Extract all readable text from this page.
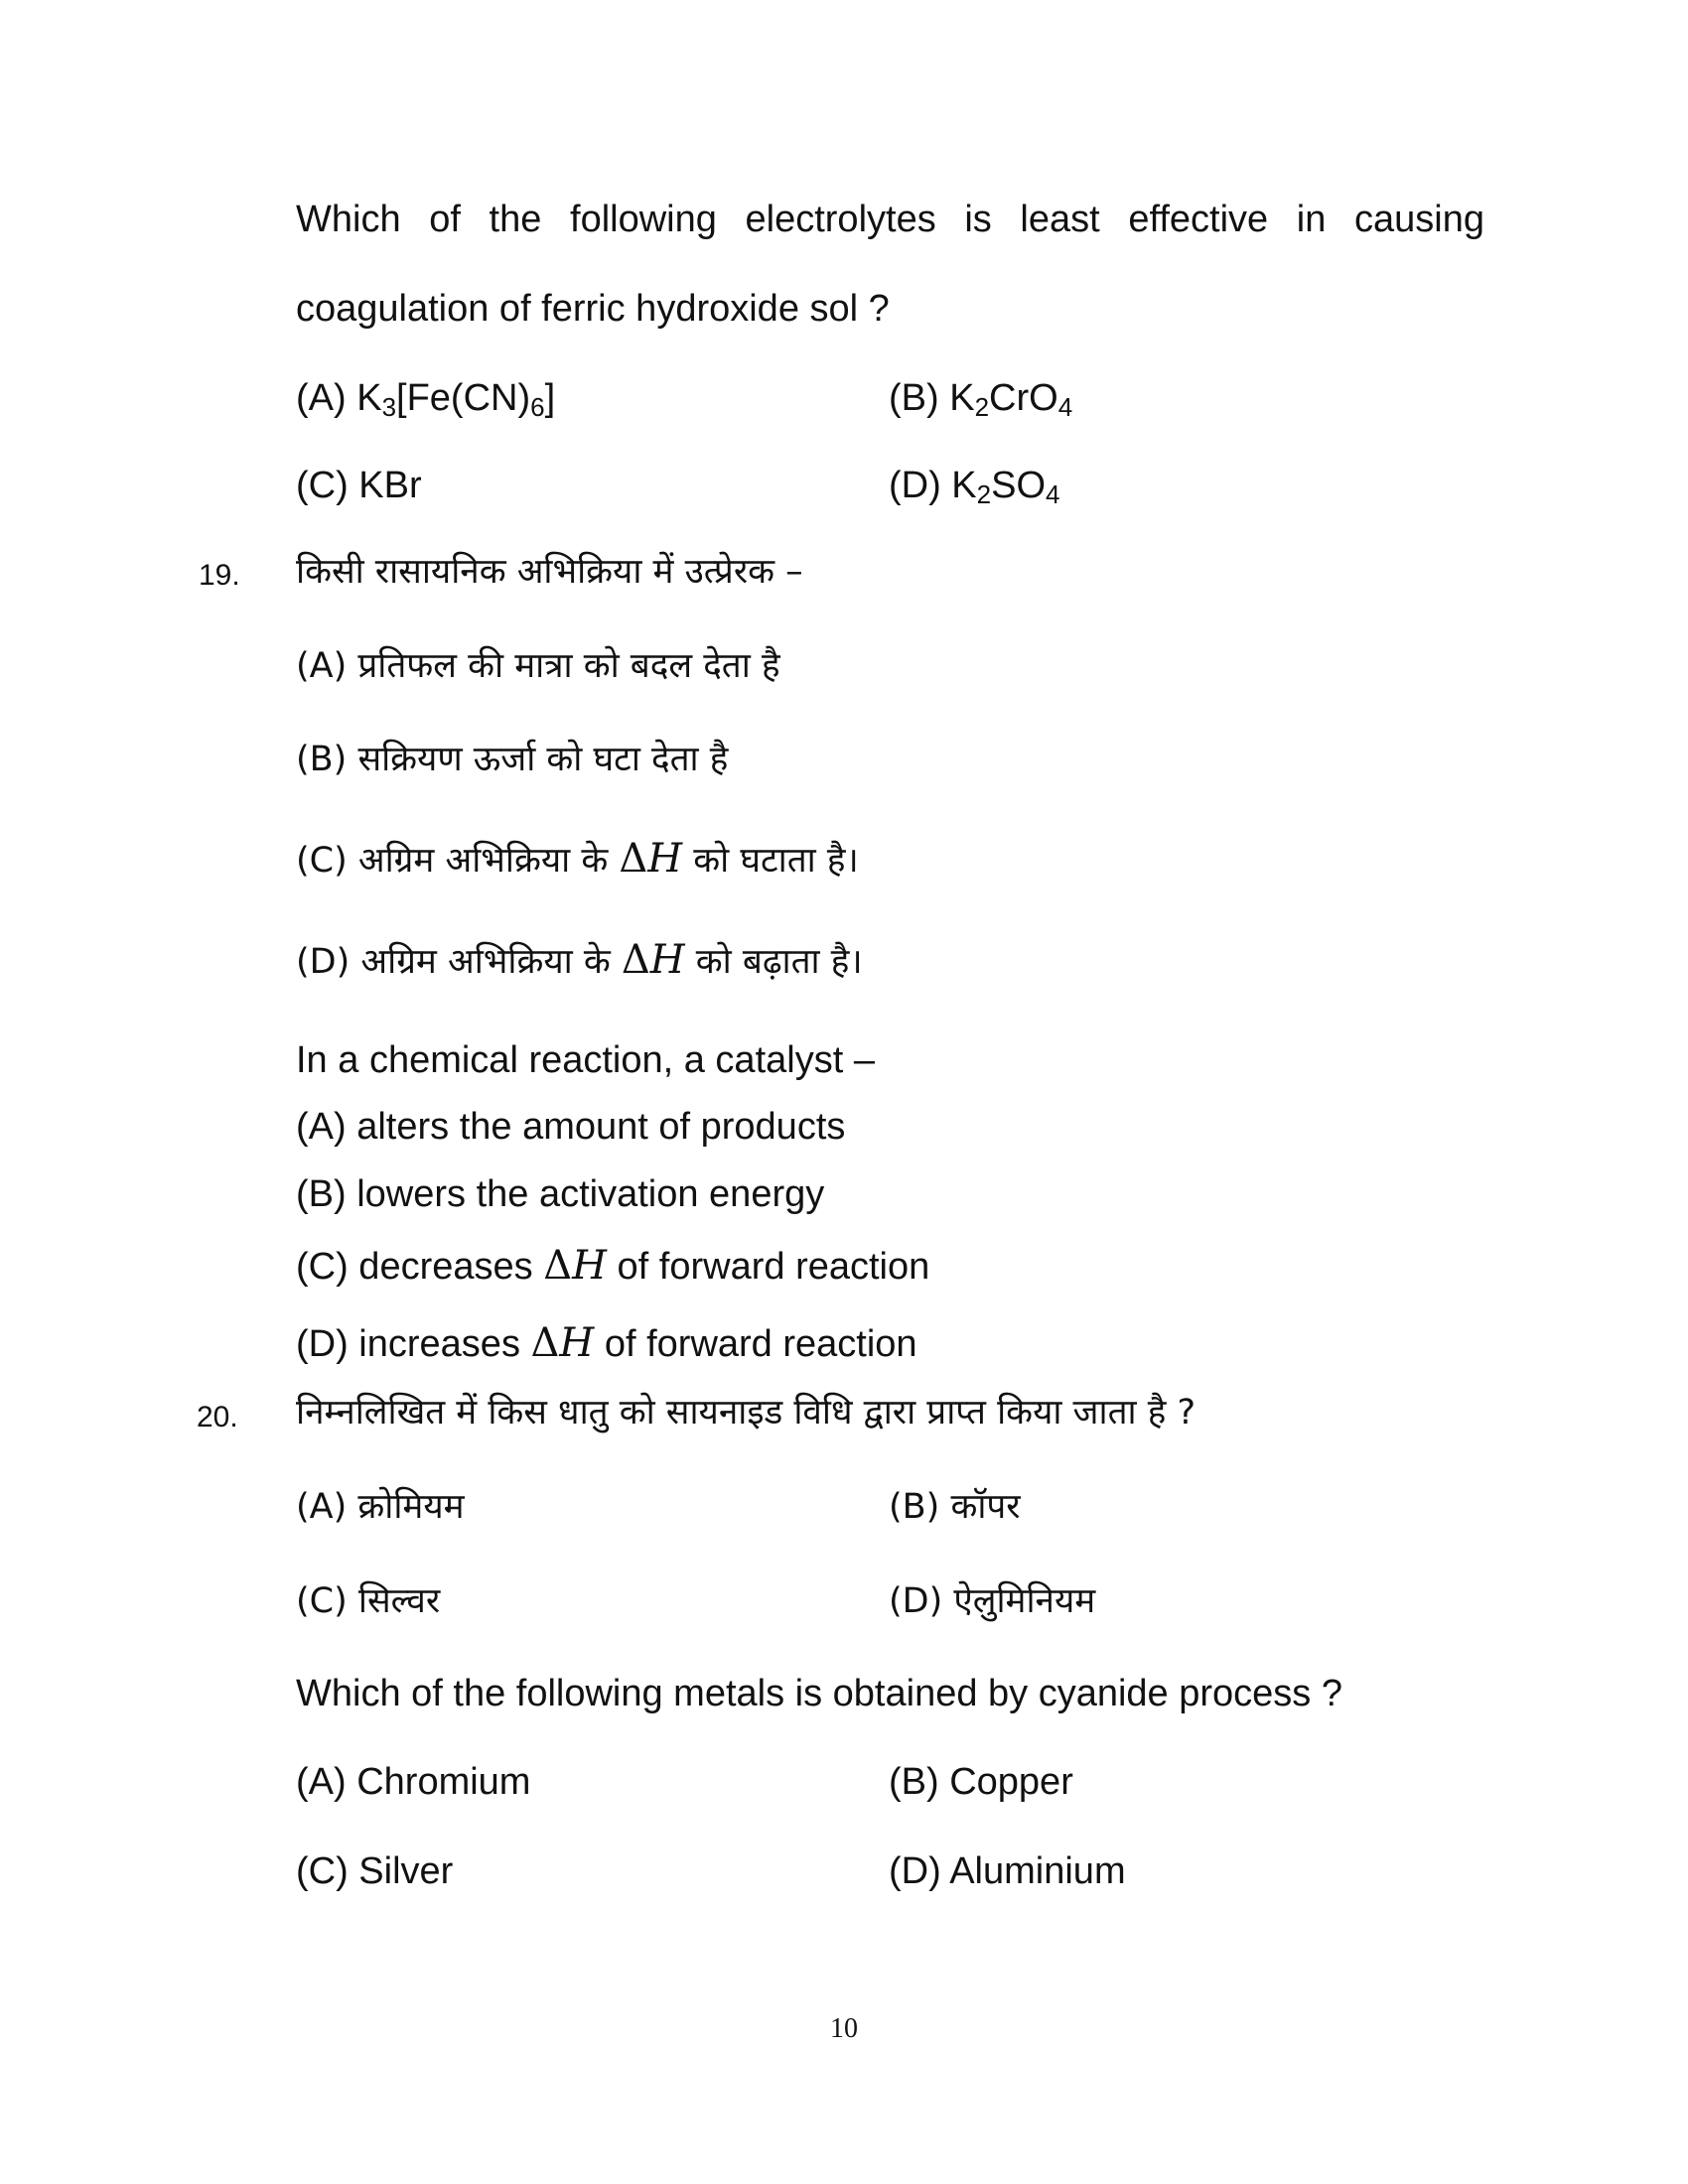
Which of the following electrolytes is least effective in causing
coagulation of ferric hydroxide sol ?
(A) $K_3[Fe(CN)_6]$	(B) $K_2CrO_4$
(C) KBr	(D) $K_2SO_4$
19. किसी रासायनिक अभिक्रिया में उत्प्रेरक –
(A) प्रतिफल की मात्रा को बदल देता है
(B) सक्रियण ऊर्जा को घटा देता है
(C) अग्रिम अभिक्रिया के ΔH को घटाता है।
(D) अग्रिम अभिक्रिया के ΔH को बढ़ाता है।
In a chemical reaction, a catalyst –
(A) alters the amount of products
(B) lowers the activation energy
(C) decreases ΔH of forward reaction
(D) increases ΔH of forward reaction
20. निम्नलिखित में किस धातु को सायनाइड विधि द्वारा प्राप्त किया जाता है ?
(A) क्रोमियम	(B) कॉपर
(C) सिल्वर	(D) ऐलुमिनियम
Which of the following metals is obtained by cyanide process ?
(A) Chromium	(B) Copper
(C) Silver	(D) Aluminium
10
